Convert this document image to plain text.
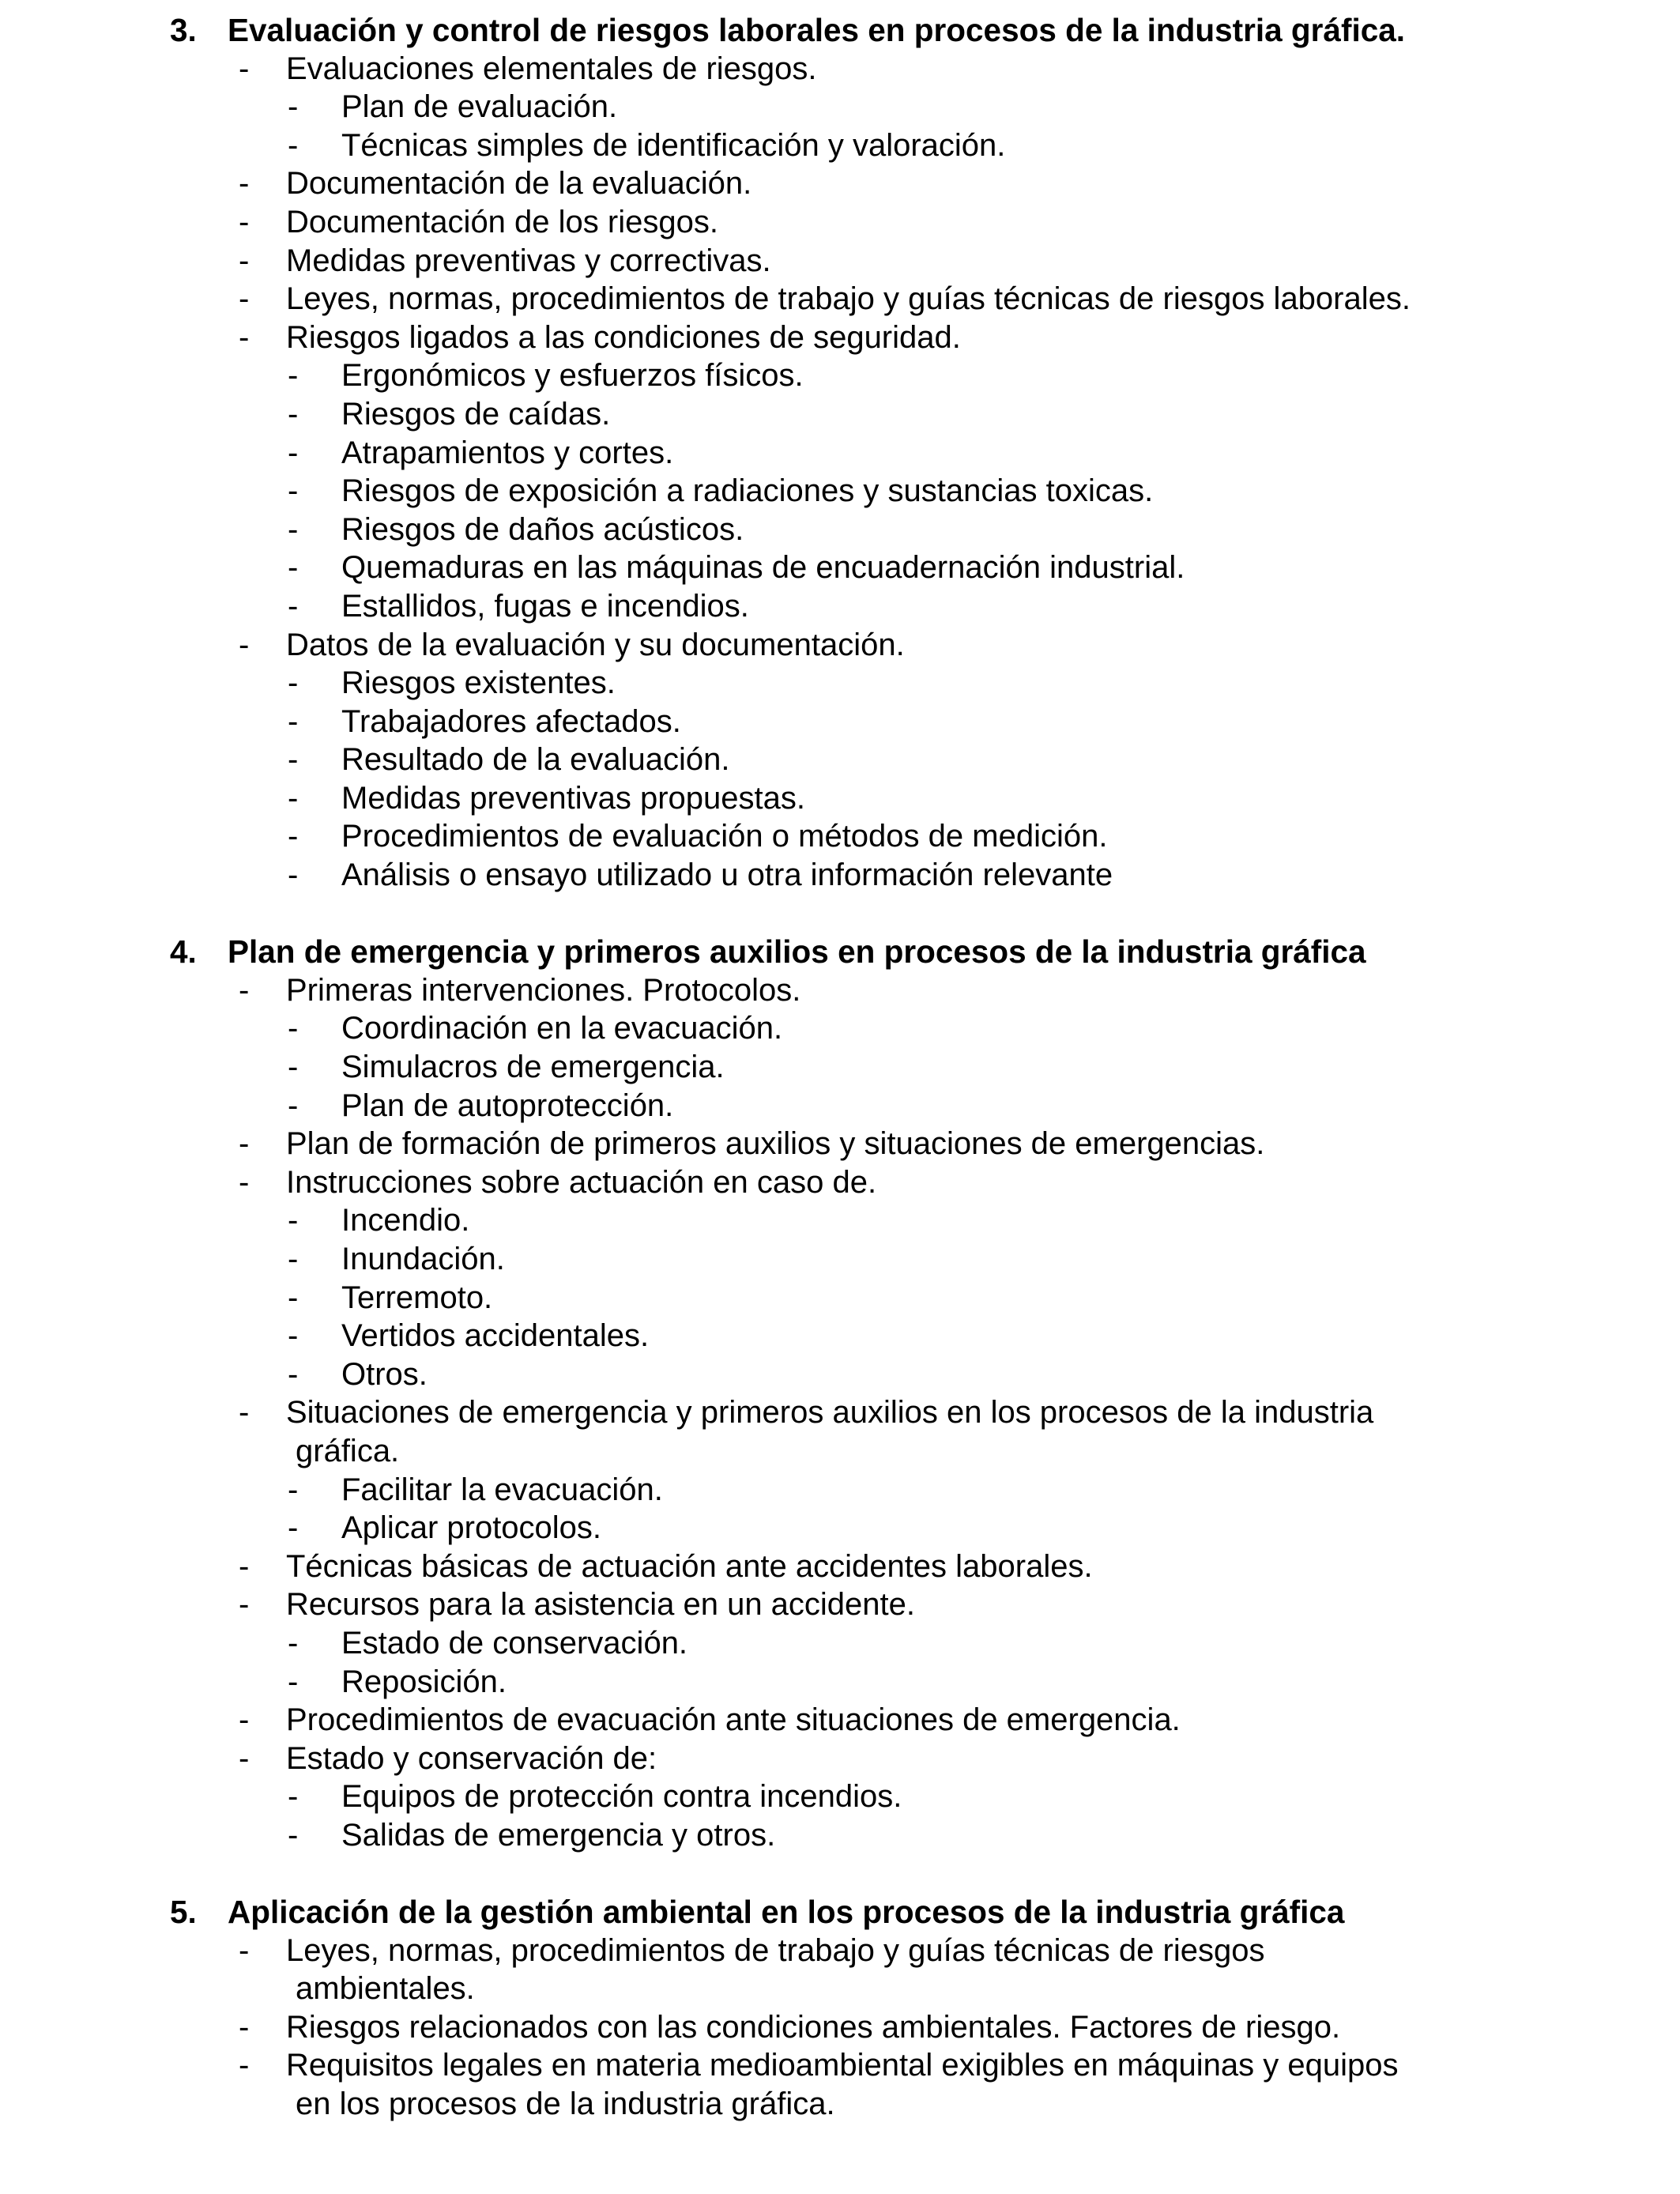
3. Evaluación y control de riesgos laborales en procesos de la industria gráfica.
- Evaluaciones elementales de riesgos.
- Plan de evaluación.
- Técnicas simples de identificación y valoración.
- Documentación de la evaluación.
- Documentación de los riesgos.
- Medidas preventivas y correctivas.
- Leyes, normas, procedimientos de trabajo y guías técnicas de riesgos laborales.
- Riesgos ligados a las condiciones de seguridad.
- Ergonómicos y esfuerzos físicos.
- Riesgos de caídas.
- Atrapamientos y cortes.
- Riesgos de exposición a radiaciones y sustancias toxicas.
- Riesgos de daños acústicos.
- Quemaduras en las máquinas de encuadernación industrial.
- Estallidos, fugas e incendios.
- Datos de la evaluación y su documentación.
- Riesgos existentes.
- Trabajadores afectados.
- Resultado de la evaluación.
- Medidas preventivas propuestas.
- Procedimientos de evaluación o métodos de medición.
- Análisis o ensayo utilizado u otra información relevante
4. Plan de emergencia y primeros auxilios en procesos de la industria gráfica
- Primeras intervenciones. Protocolos.
- Coordinación en la evacuación.
- Simulacros de emergencia.
- Plan de autoprotección.
- Plan de formación de primeros auxilios y situaciones de emergencias.
- Instrucciones sobre actuación en caso de.
- Incendio.
- Inundación.
- Terremoto.
- Vertidos accidentales.
- Otros.
- Situaciones de emergencia y primeros auxilios en los procesos de la industria
gráfica.
- Facilitar la evacuación.
- Aplicar protocolos.
- Técnicas básicas de actuación ante accidentes laborales.
- Recursos para la asistencia en un accidente.
- Estado de conservación.
- Reposición.
- Procedimientos de evacuación ante situaciones de emergencia.
- Estado y conservación de:
- Equipos de protección contra incendios.
- Salidas de emergencia y otros.
5. Aplicación de la gestión ambiental en los procesos de la industria gráfica
- Leyes, normas, procedimientos de trabajo y guías técnicas de riesgos
ambientales.
- Riesgos relacionados con las condiciones ambientales. Factores de riesgo.
- Requisitos legales en materia medioambiental exigibles en máquinas y equipos
en los procesos de la industria gráfica.
